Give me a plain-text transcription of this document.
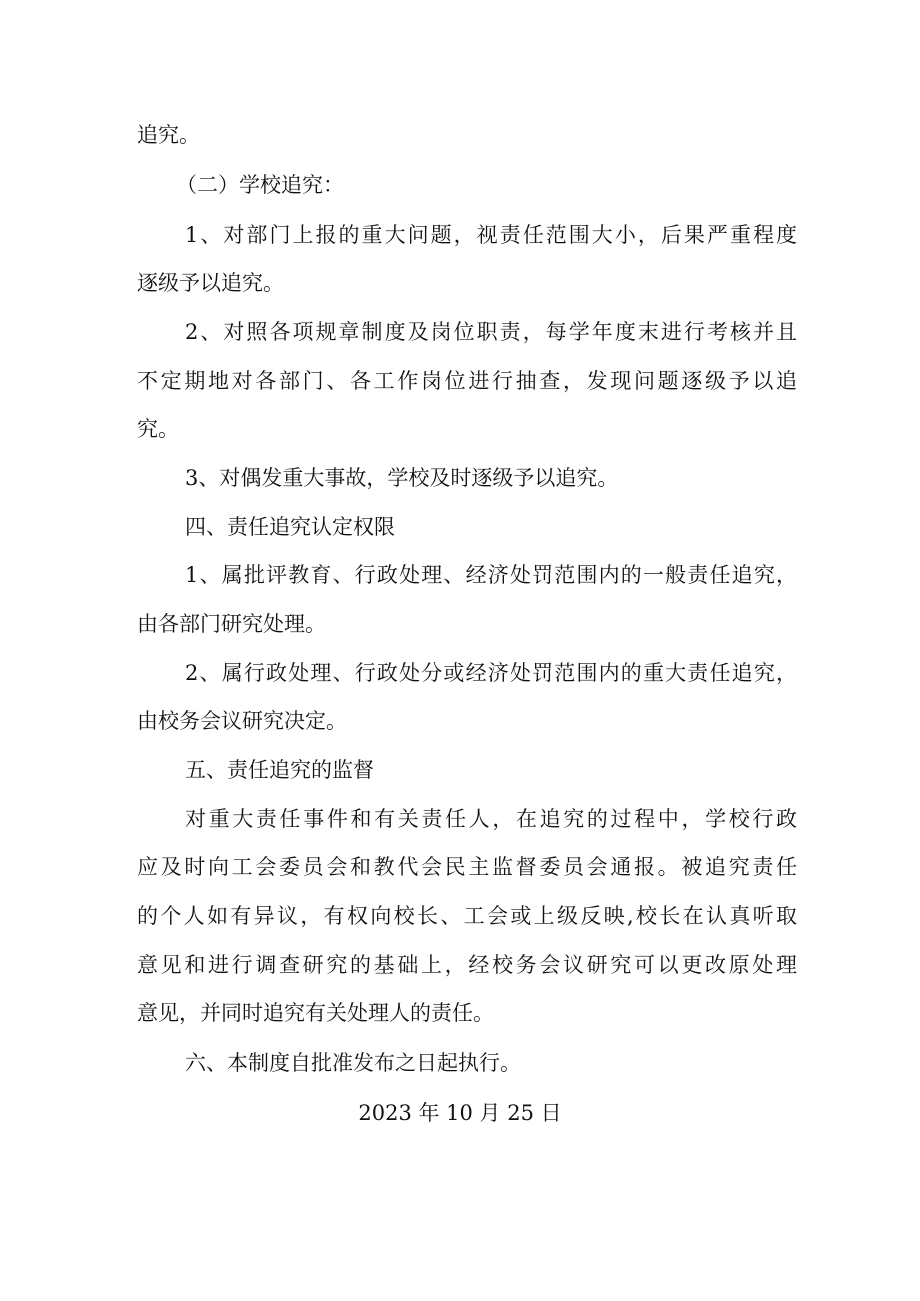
追究。
（二）学校追究：
1、对部门上报的重大问题，视责任范围大小，后果严重程度
逐级予以追究。
2、对照各项规章制度及岗位职责，每学年度末进行考核并且
不定期地对各部门、各工作岗位进行抽查，发现问题逐级予以追
究。
3、对偶发重大事故，学校及时逐级予以追究。
四、责任追究认定权限
1、属批评教育、行政处理、经济处罚范围内的一般责任追究，
由各部门研究处理。
2、属行政处理、行政处分或经济处罚范围内的重大责任追究，
由校务会议研究决定。
五、责任追究的监督
对重大责任事件和有关责任人，在追究的过程中，学校行政
应及时向工会委员会和教代会民主监督委员会通报。被追究责任
的个人如有异议，有权向校长、工会或上级反映,校长在认真听取
意见和进行调查研究的基础上，经校务会议研究可以更改原处理
意见，并同时追究有关处理人的责任。
六、本制度自批准发布之日起执行。
2023 年 10 月 25 日
